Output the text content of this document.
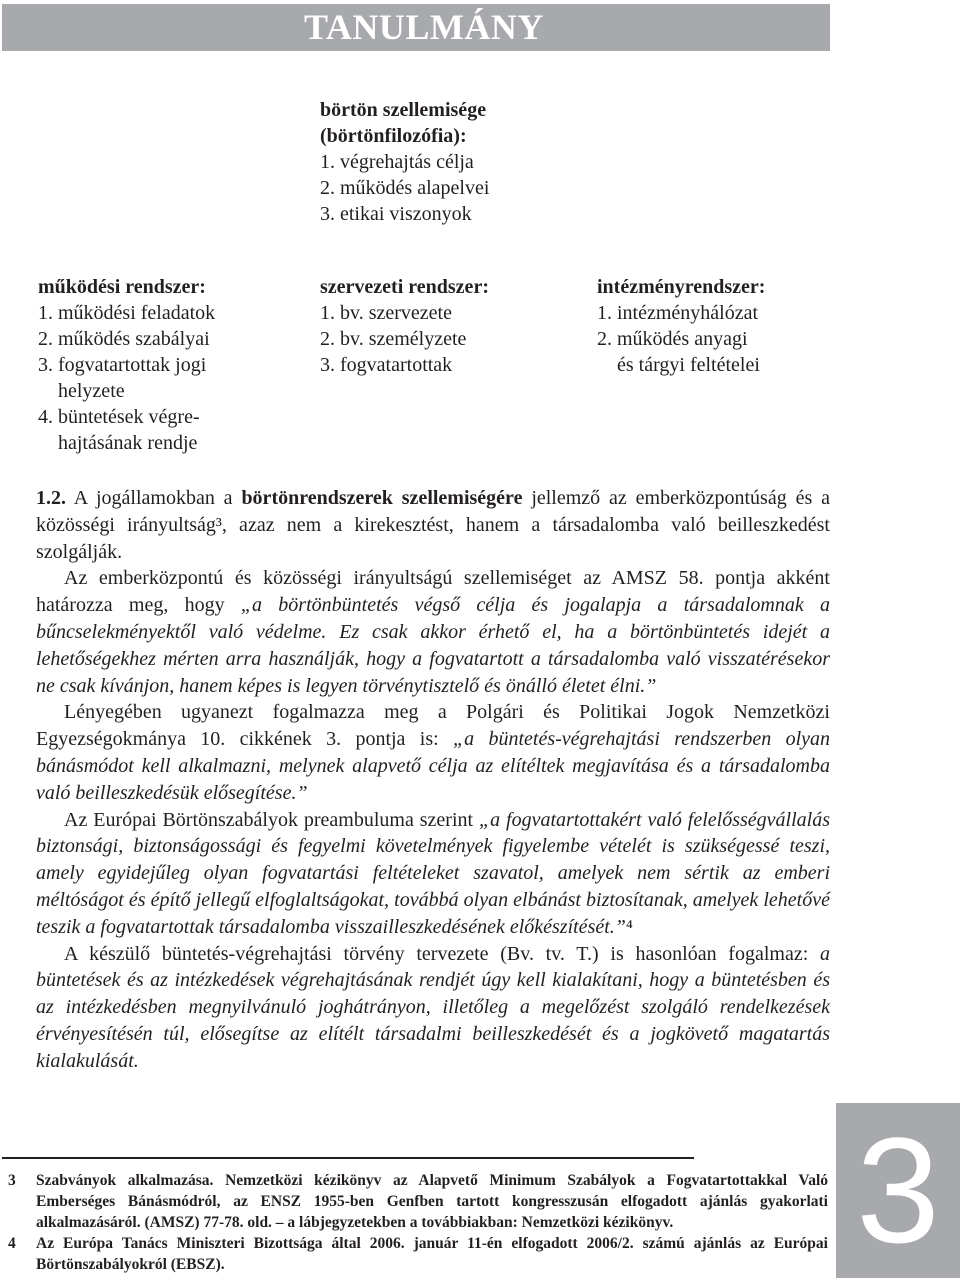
TANULMÁNY
börtön szellemisége
(börtönfilozófia):
1. végrehajtás célja
2. működés alapelvei
3. etikai viszonyok
működési rendszer:
1. működési feladatok
2. működés szabályai
3. fogvatartottak jogi
helyzete
4. büntetések végre-
hajtásának rendje
szervezeti rendszer:
1. bv. szervezete
2. bv. személyzete
3. fogvatartottak
intézményrendszer:
1. intézményhálózat
2. működés anyagi
és tárgyi feltételei

1.2. A jogállamokban a börtönrendszerek szellemiségére jellemző az emberközpontúság és a közösségi irányultság³, azaz nem a kirekesztést, hanem a társadalomba való beilleszkedést szolgálják.

Az emberközpontú és közösségi irányultságú szellemiséget az AMSZ 58. pontja akként határozza meg, hogy „a börtönbüntetés végső célja és jogalapja a társadalomnak a bűncselekményektől való védelme. Ez csak akkor érhető el, ha a börtönbüntetés idejét a lehetőségekhez mérten arra használják, hogy a fogvatartott a társadalomba való visszatérésekor ne csak kívánjon, hanem képes is legyen törvénytisztelő és önálló életet élni.”

Lényegében ugyanezt fogalmazza meg a Polgári és Politikai Jogok Nemzetközi Egyezségokmánya 10. cikkének 3. pontja is: „a büntetés-végrehajtási rendszerben olyan bánásmódot kell alkalmazni, melynek alapvető célja az elítéltek megjavítása és a társadalomba való beilleszkedésük elősegítése.”

Az Európai Börtönszabályok preambuluma szerint „a fogvatartottakért való felelősségvállalás biztonsági, biztonságossági és fegyelmi követelmények figyelembe vételét is szükségessé teszi, amely egyidejűleg olyan fogvatartási feltételeket szavatol, amelyek nem sértik az emberi méltóságot és építő jellegű elfoglaltságokat, továbbá olyan elbánást biztosítanak, amelyek lehetővé teszik a fogvatartottak társadalomba visszailleszkedésének előkészítését.”⁴

A készülő büntetés-végrehajtási törvény tervezete (Bv. tv. T.) is hasonlóan fogalmaz: a büntetések és az intézkedések végrehajtásának rendjét úgy kell kialakítani, hogy a büntetésben és az intézkedésben megnyilvánuló joghátrányon, illetőleg a megelőzést szolgáló rendelkezések érvényesítésén túl, elősegítse az elítélt társadalmi beilleszkedését és a jogkövető magatartás kialakulását.

3 Szabványok alkalmazása. Nemzetközi kézikönyv az Alapvető Minimum Szabályok a Fogvatartottakkal Való Emberséges Bánásmódról, az ENSZ 1955-ben Genfben tartott kongresszusán elfogadott ajánlás gyakorlati alkalmazásáról. (AMSZ) 77-78. old. – a lábjegyzetekben a továbbiakban: Nemzetközi kézikönyv.

4 Az Európa Tanács Miniszteri Bizottsága által 2006. január 11-én elfogadott 2006/2. számú ajánlás az Európai Börtönszabályokról (EBSZ).	3
